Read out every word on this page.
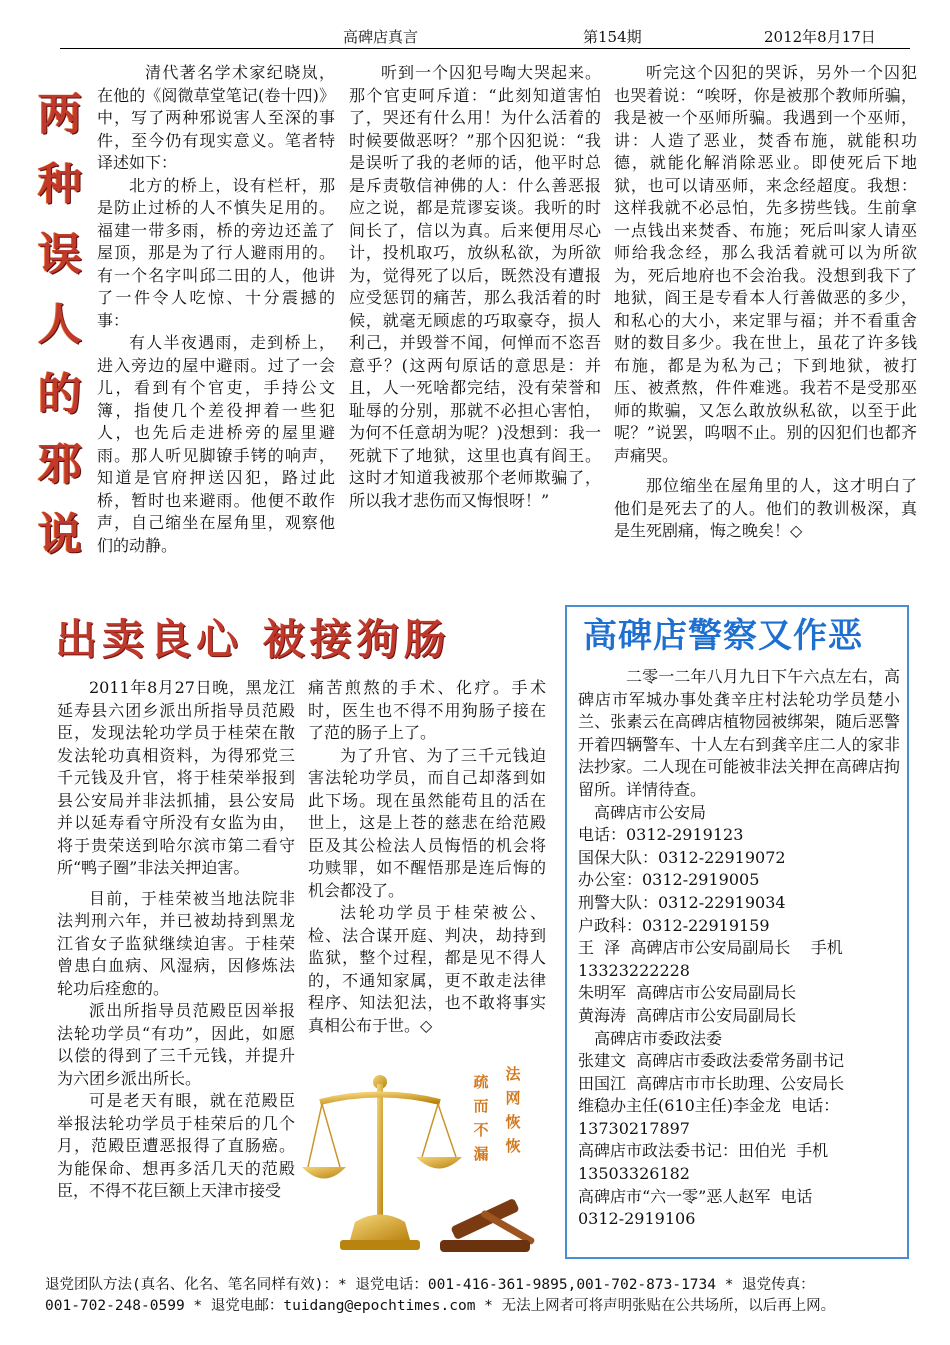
高碑店真言	第154期	2012年8月17日
两
种
误
人
的
邪
说

清代著名学术家纪晓岚，在他的《阅微草堂笔记(卷十四)》中，写了两种邪说害人至深的事件，至今仍有现实意义。笔者特译述如下：

北方的桥上，设有栏杆，那是防止过桥的人不慎失足用的。福建一带多雨，桥的旁边还盖了屋顶，那是为了行人避雨用的。有一个名字叫邱二田的人，他讲了一件令人吃惊、十分震撼的事：

有人半夜遇雨，走到桥上，进入旁边的屋中避雨。过了一会儿，看到有个官吏，手持公文簿，指使几个差役押着一些犯人，也先后走进桥旁的屋里避雨。那人听见脚镣手铐的响声，知道是官府押送囚犯，路过此桥，暂时也来避雨。他便不敢作声，自己缩坐在屋角里，观察他们的动静。

听到一个囚犯号啕大哭起来。那个官吏呵斥道：“此刻知道害怕了，哭还有什么用！为什么活着的时候要做恶呀？”那个囚犯说：“我是误听了我的老师的话，他平时总是斥责敬信神佛的人：什么善恶报应之说，都是荒谬妄谈。我听的时间长了，信以为真。后来便用尽心计，投机取巧，放纵私欲，为所欲为，觉得死了以后，既然没有遭报应受惩罚的痛苦，那么我活着的时候，就毫无顾虑的巧取豪夺，损人利己，并毁誉不闻，何惮而不恣吾意乎？(这两句原话的意思是：并且，人一死啥都完结，没有荣誉和耻辱的分别，那就不必担心害怕，为何不任意胡为呢？)没想到：我一死就下了地狱，这里也真有阎王。这时才知道我被那个老师欺骗了，所以我才悲伤而又悔恨呀！”

听完这个囚犯的哭诉，另外一个囚犯也哭着说：“唉呀，你是被那个教师所骗，我是被一个巫师所骗。我遇到一个巫师，讲：人造了恶业，焚香布施，就能积功德，就能化解消除恶业。即使死后下地狱，也可以请巫师，来念经超度。我想：这样我就不必忌怕，先多捞些钱。生前拿一点钱出来焚香、布施；死后叫家人请巫师给我念经，那么我活着就可以为所欲为，死后地府也不会治我。没想到我下了地狱，阎王是专看本人行善做恶的多少，和私心的大小，来定罪与福；并不看重舍财的数目多少。我在世上，虽花了许多钱布施，都是为私为己；下到地狱，被打压、被煮熬，件件难逃。我若不是受那巫师的欺骗，又怎么敢放纵私欲，以至于此呢？”说罢，呜咽不止。别的囚犯们也都齐声痛哭。

那位缩坐在屋角里的人，这才明白了他们是死去了的人。他们的教训极深，真是生死剧痛，悔之晚矣！◇

出卖良心 被接狗肠

2011年8月27日晚，黑龙江延寿县六团乡派出所指导员范殿臣，发现法轮功学员于桂荣在散发法轮功真相资料，为得邪党三千元钱及升官，将于桂荣举报到县公安局并非法抓捕，县公安局并以延寿看守所没有女监为由，将于贵荣送到哈尔滨市第二看守所“鸭子圈”非法关押迫害。

目前，于桂荣被当地法院非法判刑六年，并已被劫持到黑龙江省女子监狱继续迫害。于桂荣曾患白血病、风湿病，因修炼法轮功后痊愈的。

派出所指导员范殿臣因举报法轮功学员“有功”，因此，如愿以偿的得到了三千元钱，并提升为六团乡派出所长。

可是老天有眼，就在范殿臣举报法轮功学员于桂荣后的几个月，范殿臣遭恶报得了直肠癌。为能保命、想再多活几天的范殿臣，不得不花巨额上天津市接受

痛苦煎熬的手术、化疗。手术时，医生也不得不用狗肠子接在了范的肠子上了。

为了升官、为了三千元钱迫害法轮功学员，而自己却落到如此下场。现在虽然能苟且的活在世上，这是上苍的慈悲在给范殿臣及其公检法人员悔悟的机会将功赎罪，如不醒悟那是连后悔的机会都没了。

法轮功学员于桂荣被公、检、法合谋开庭、判决，劫持到监狱，整个过程，都是见不得人的，不通知家属，更不敢走法律程序、知法犯法，也不敢将事实真相公布于世。◇

疏而不漏
法网恢恢
高碑店警察又作恶

二零一二年八月九日下午六点左右，高碑店市军城办事处龚辛庄村法轮功学员楚小兰、张素云在高碑店植物园被绑架，随后恶警开着四辆警车、十人左右到龚辛庄二人的家非法抄家。二人现在可能被非法关押在高碑店拘留所。详情待查。

高碑店市公安局

电话：0312-2919123

国保大队：0312-22919072

办公室：0312-2919005

刑警大队：0312-22919034

户政科：0312-22919159

王  泽  高碑店市公安局副局长    手机

13323222228

朱明军  高碑店市公安局副局长

黄海涛  高碑店市公安局副局长

高碑店市委政法委

张建文  高碑店市委政法委常务副书记

田国江  高碑店市市长助理、公安局长

维稳办主任(610主任)李金龙  电话：

13730217897

高碑店市政法委书记：田伯光  手机

13503326182

高碑店市“六一零”恶人赵军  电话

0312-2919106

退党团队方法(真名、化名、笔名同样有效)：* 退党电话：001-416-361-9895,001-702-873-1734 * 退党传真：
001-702-248-0599 * 退党电邮：tuidang@epochtimes.com * 无法上网者可将声明张贴在公共场所，以后再上网。
